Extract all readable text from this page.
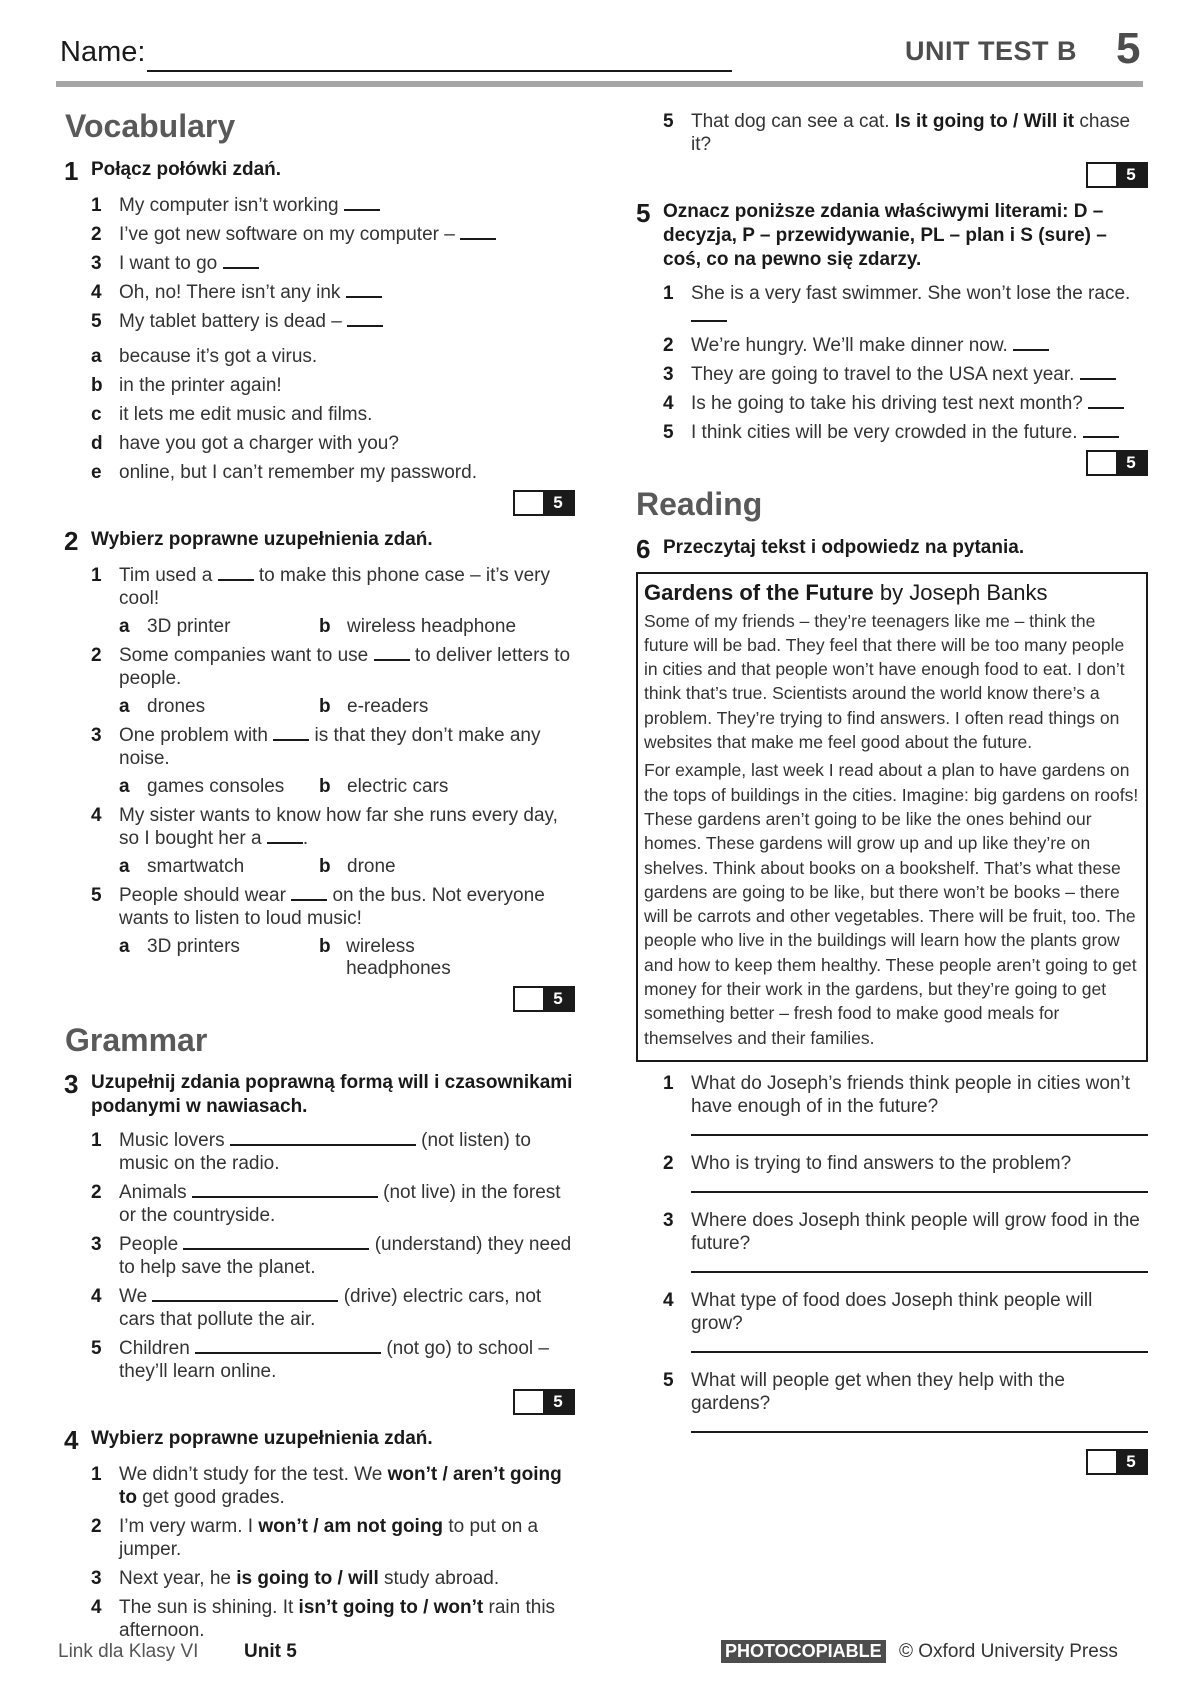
Name:	UNIT TEST B 5
Vocabulary
1 Połącz połówki zdań.
1 My computer isn’t working
2 I’ve got new software on my computer –
3 I want to go
4 Oh, no! There isn’t any ink
5 My tablet battery is dead –
a because it’s got a virus.
b in the printer again!
c it lets me edit music and films.
d have you got a charger with you?
e online, but I can’t remember my password.
5
2 Wybierz poprawne uzupełnienia zdań.
1 Tim used a to make this phone case – it’s very cool!
a 3D printer	b wireless headphone
2 Some companies want to use to deliver letters to people.
a drones	b e-readers
3 One problem with is that they don’t make any noise.
a games consoles b electric cars
4 My sister wants to know how far she runs every day, so I bought her a .
a smartwatch	b drone
5 People should wear on the bus. Not everyone wants to listen to loud music!
a 3D printers	b wireless headphones
5
Grammar
3 Uzupełnij zdania poprawną formą will i czasownikami podanymi w nawiasach.
1 Music lovers	(not listen) to music on the radio.
2 Animals	(not live) in the forest or the countryside.
3 People	(understand) they need to help save the planet.
4 We	(drive) electric cars, not cars that pollute the air.
5 Children	(not go) to school – they’ll learn online.
5
4 Wybierz poprawne uzupełnienia zdań.
1 We didn’t study for the test. We won’t / aren’t going to get good grades.
2 I’m very warm. I won’t / am not going to put on a jumper.
3 Next year, he is going to / will study abroad.
4 The sun is shining. It isn’t going to / won’t rain this afternoon.
5 That dog can see a cat. Is it going to / Will it chase it?
5
5 Oznacz poniższe zdania właściwymi literami: D – decyzja, P – przewidywanie, PL – plan i S (sure) – coś, co na pewno się zdarzy.
1 She is a very fast swimmer. She won’t lose the race.
2 We’re hungry. We’ll make dinner now.
3 They are going to travel to the USA next year.
4 Is he going to take his driving test next month?
5 I think cities will be very crowded in the future.
5
Reading
6 Przeczytaj tekst i odpowiedz na pytania.
Gardens of the Future by Joseph Banks

Some of my friends – they’re teenagers like me – think the future will be bad. They feel that there will be too many people in cities and that people won’t have enough food to eat. I don’t think that’s true. Scientists around the world know there’s a problem. They’re trying to find answers. I often read things on websites that make me feel good about the future.

For example, last week I read about a plan to have gardens on the tops of buildings in the cities. Imagine: big gardens on roofs! These gardens aren’t going to be like the ones behind our homes. These gardens will grow up and up like they’re on shelves. Think about books on a bookshelf. That’s what these gardens are going to be like, but there won’t be books – there will be carrots and other vegetables. There will be fruit, too. The people who live in the buildings will learn how the plants grow and how to keep them healthy. These people aren’t going to get money for their work in the gardens, but they’re going to get something better – fresh food to make good meals for themselves and their families.

1 What do Joseph’s friends think people in cities won’t have enough of in the future?
2 Who is trying to find answers to the problem?
3 Where does Joseph think people will grow food in the future?
4 What type of food does Joseph think people will grow?
5 What will people get when they help with the gardens?
5
Link dla Klasy VI Unit 5	PHOTOCOPIABLE © Oxford University Press
